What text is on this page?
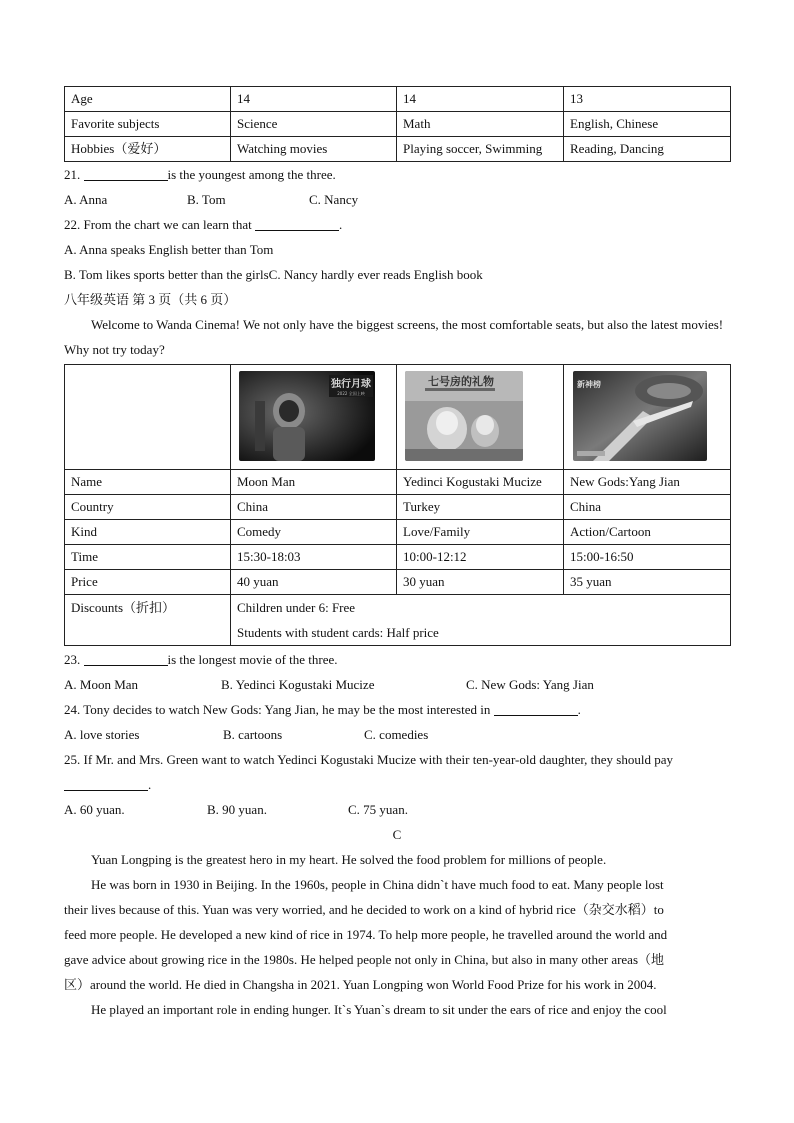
Age	14	14	13
Favorite subjects	Science	Math	English, Chinese
Hobbies（爱好）	Watching movies	Playing soccer, Swimming	Reading, Dancing
21.	is the youngest among the three.
A. Anna	B. Tom	C. Nancy
22. From the chart we can learn that	.
A. Anna speaks English better than Tom
B. Tom likes sports better than the girlsC. Nancy hardly ever reads English book
八年级英语 第 3 页（共 6 页）
Welcome to Wanda Cinema! We not only have the biggest screens, the most comfortable seats, but also the latest movies! Why not try today?

独行月球
2022 全国上映	七号房的礼物	新神榜

Name	Moon Man	Yedinci Kogustaki Mucize	New Gods:Yang Jian
Country	China	Turkey	China
Kind	Comedy	Love/Family	Action/Cartoon
Time	15:30-18:03	10:00-12:12	15:00-16:50
Price	40 yuan	30 yuan	35 yuan
Discounts（折扣）	Children under 6: Free
Students with student cards: Half price		
23.	is the longest movie of the three.
A. Moon Man	B. Yedinci Kogustaki Mucize	C. New Gods: Yang Jian
24. Tony decides to watch New Gods: Yang Jian, he may be the most interested in	.
A. love stories	B. cartoons	C. comedies
25. If Mr. and Mrs. Green want to watch Yedinci Kogustaki Mucize with their ten-year-old daughter, they should pay
.
A. 60 yuan.	B. 90 yuan.	C. 75 yuan.
C
Yuan Longping is the greatest hero in my heart. He solved the food problem for millions of people.
He was born in 1930 in Beijing. In the 1960s, people in China didn`t have much food to eat. Many people lost
their lives because of this. Yuan was very worried, and he decided to work on a kind of hybrid rice（杂交水稻）to
feed more people. He developed a new kind of rice in 1974. To help more people, he travelled around the world and
gave advice about growing rice in the 1980s. He helped people not only in China, but also in many other areas（地
区）around the world. He died in Changsha in 2021. Yuan Longping won World Food Prize for his work in 2004.
He played an important role in ending hunger. It`s Yuan`s dream to sit under the ears of rice and enjoy the cool
